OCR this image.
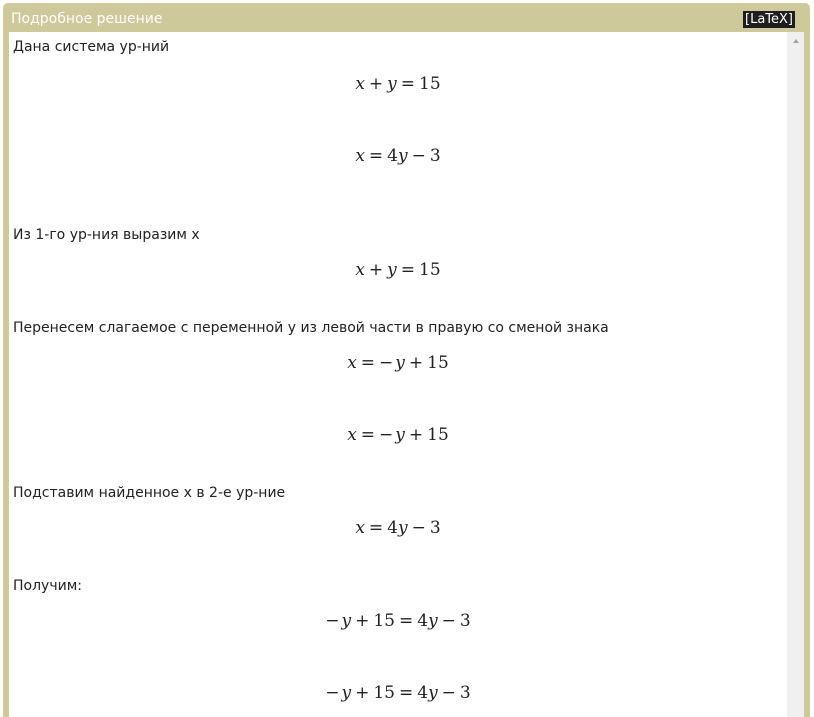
Подробное решение	[LaTeX]
Дана система ур-ний
x + y = 15
x = 4y − 3
Из 1-го ур-ния выразим x
x + y = 15
Перенесем слагаемое с переменной y из левой части в правую со сменой знака
x = − y + 15
x = − y + 15
Подставим найденное x в 2-е ур-ние
x = 4y − 3
Получим:
− y + 15 = 4y − 3
− y + 15 = 4y − 3
